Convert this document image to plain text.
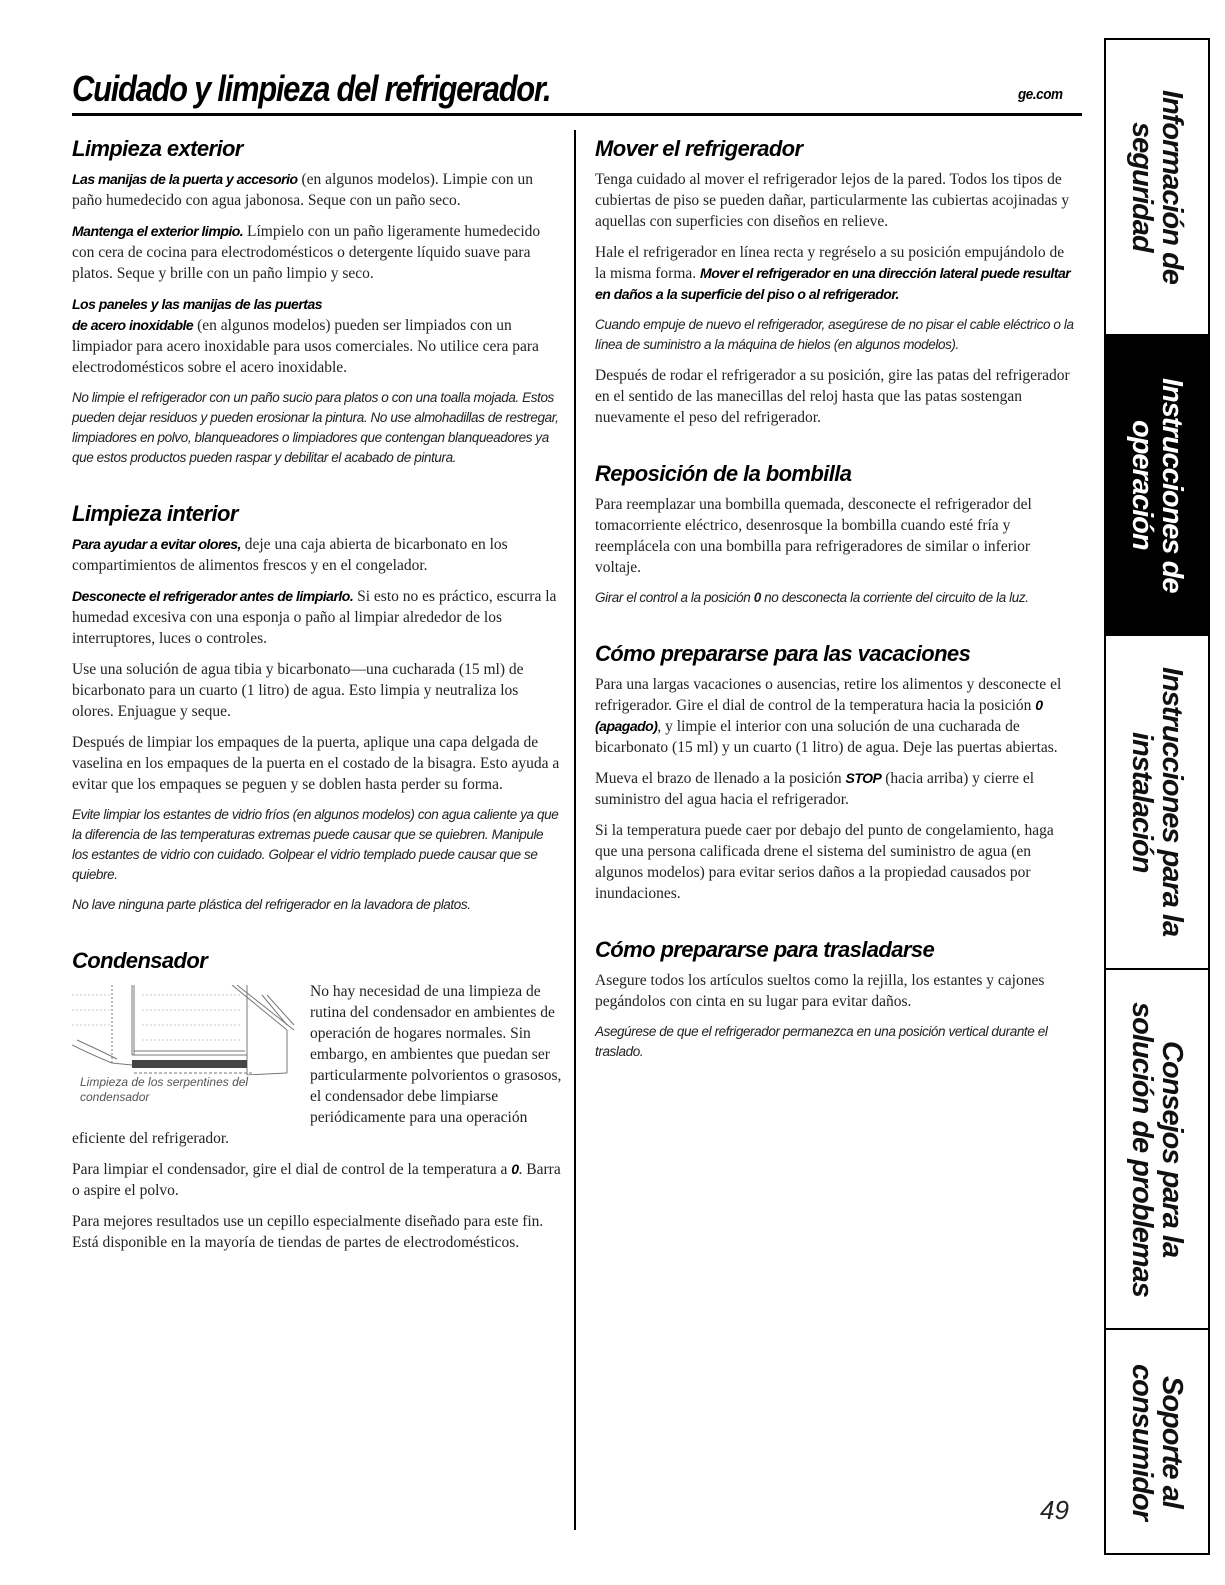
Cuidado y limpieza del refrigerador.	ge.com
Limpieza exterior

Las manijas de la puerta y accesorio (en algunos modelos). Limpie con un paño humedecido con agua jabonosa. Seque con un paño seco.

Mantenga el exterior limpio. Límpielo con un paño ligeramente humedecido con cera de cocina para electrodomésticos o detergente líquido suave para platos. Seque y brille con un paño limpio y seco.

Los paneles y las manijas de las puertas
de acero inoxidable (en algunos modelos) pueden ser limpiados con un limpiador para acero inoxidable para usos comerciales. No utilice cera para electrodomésticos sobre el acero inoxidable.

No limpie el refrigerador con un paño sucio para platos o con una toalla mojada. Estos pueden dejar residuos y pueden erosionar la pintura. No use almohadillas de restregar, limpiadores en polvo, blanqueadores o limpiadores que contengan blanqueadores ya que estos productos pueden raspar y debilitar el acabado de pintura.

Limpieza interior

Para ayudar a evitar olores, deje una caja abierta de bicarbonato en los compartimientos de alimentos frescos y en el congelador.

Desconecte el refrigerador antes de limpiarlo. Si esto no es práctico, escurra la humedad excesiva con una esponja o paño al limpiar alrededor de los interruptores, luces o controles.

Use una solución de agua tibia y bicarbonato—una cucharada (15 ml) de bicarbonato para un cuarto (1 litro) de agua. Esto limpia y neutraliza los olores. Enjuague y seque.

Después de limpiar los empaques de la puerta, aplique una capa delgada de vaselina en los empaques de la puerta en el costado de la bisagra. Esto ayuda a evitar que los empaques se peguen y se doblen hasta perder su forma.

Evite limpiar los estantes de vidrio fríos (en algunos modelos) con agua caliente ya que la diferencia de las temperaturas extremas puede causar que se quiebren. Manipule los estantes de vidrio con cuidado. Golpear el vidrio templado puede causar que se quiebre.

No lave ninguna parte plástica del refrigerador en la lavadora de platos.

Condensador
Limpieza de los serpentines del condensador

No hay necesidad de una limpieza de rutina del condensador en ambientes de operación de hogares normales. Sin embargo, en ambientes que puedan ser particularmente polvorientos o grasosos, el condensador debe limpiarse periódicamente para una operación eficiente del refrigerador.

Para limpiar el condensador, gire el dial de control de la temperatura a 0. Barra o aspire el polvo.

Para mejores resultados use un cepillo especialmente diseñado para este fin. Está disponible en la mayoría de tiendas de partes de electrodomésticos.

Mover el refrigerador

Tenga cuidado al mover el refrigerador lejos de la pared. Todos los tipos de cubiertas de piso se pueden dañar, particularmente las cubiertas acojinadas y aquellas con superficies con diseños en relieve.

Hale el refrigerador en línea recta y regréselo a su posición empujándolo de la misma forma. Mover el refrigerador en una dirección lateral puede resultar en daños a la superficie del piso o al refrigerador.

Cuando empuje de nuevo el refrigerador, asegúrese de no pisar el cable eléctrico o la línea de suministro a la máquina de hielos (en algunos modelos).

Después de rodar el refrigerador a su posición, gire las patas del refrigerador en el sentido de las manecillas del reloj hasta que las patas sostengan nuevamente el peso del refrigerador.

Reposición de la bombilla

Para reemplazar una bombilla quemada, desconecte el refrigerador del tomacorriente eléctrico, desenrosque la bombilla cuando esté fría y reemplácela con una bombilla para refrigeradores de similar o inferior voltaje.

Girar el control a la posición 0 no desconecta la corriente del circuito de la luz.

Cómo prepararse para las vacaciones

Para una largas vacaciones o ausencias, retire los alimentos y desconecte el refrigerador. Gire el dial de control de la temperatura hacia la posición 0 (apagado), y limpie el interior con una solución de una cucharada de bicarbonato (15 ml) y un cuarto (1 litro) de agua. Deje las puertas abiertas.

Mueva el brazo de llenado a la posición STOP (hacia arriba) y cierre el suministro del agua hacia el refrigerador.

Si la temperatura puede caer por debajo del punto de congelamiento, haga que una persona calificada drene el sistema del suministro de agua (en algunos modelos) para evitar serios daños a la propiedad causados por inundaciones.

Cómo prepararse para trasladarse

Asegure todos los artículos sueltos como la rejilla, los estantes y cajones pegándolos con cinta en su lugar para evitar daños.

Asegúrese de que el refrigerador permanezca en una posición vertical durante el traslado.

49
Información de
seguridad
Instrucciones de
operación
Instrucciones para la
instalación
Consejos para la
solución de problemas
Soporte al consumidor
